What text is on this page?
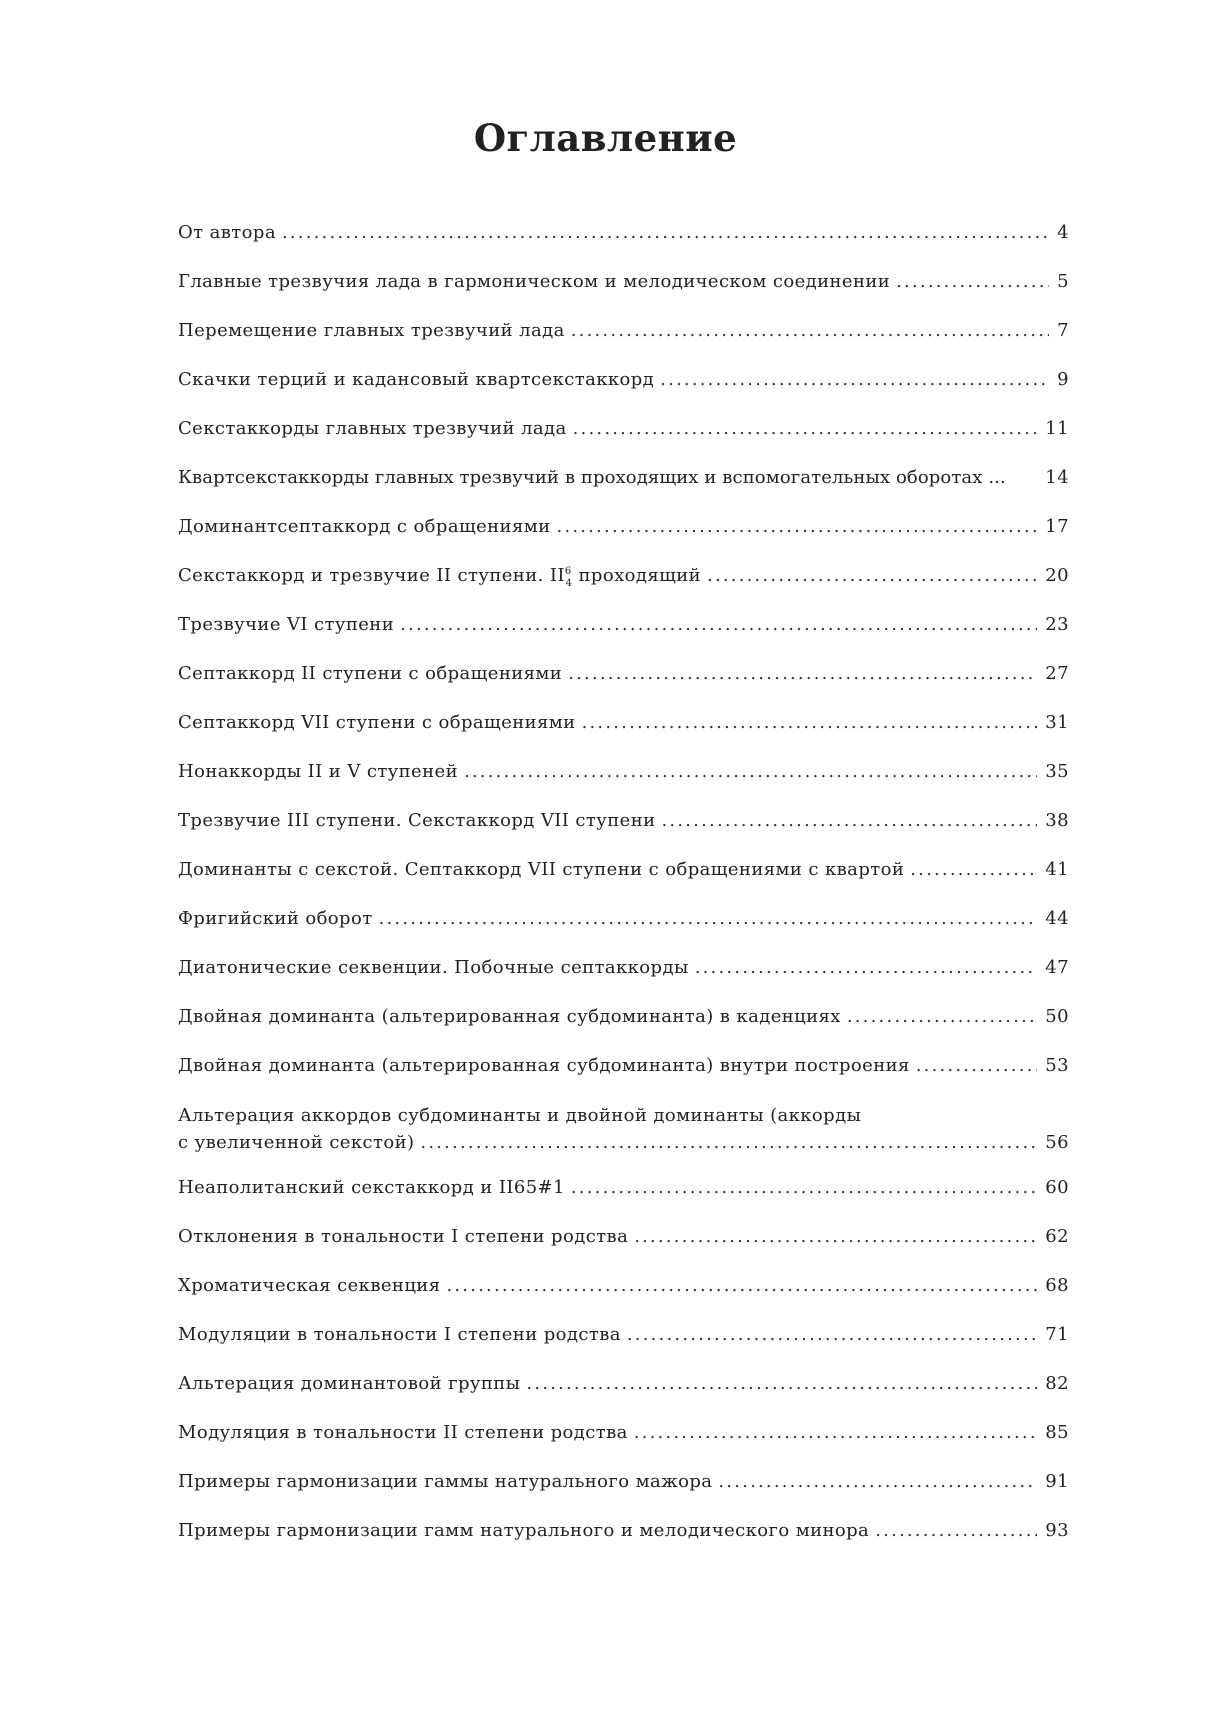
Оглавление
От автора .....	4
Главные трезвучия лада в гармоническом и мелодическом соединении .....	5
Перемещение главных трезвучий лада .....	7
Скачки терций и кадансовый квартсекстаккорд .....	9
Секстаккорды главных трезвучий лада .....	11
Квартсекстаккорды главных трезвучий в проходящих и вспомогательных оборотах ...	14
Доминантсептаккорд с обращениями .....	17
Секстаккорд и трезвучие II ступени. $II^6_4$ проходящий .....	20
Трезвучие VI ступени .....	23
Септаккорд II ступени с обращениями .....	27
Септаккорд VII ступени с обращениями .....	31
Нонаккорды II и V ступеней .....	35
Трезвучие III ступени. Секстаккорд VII ступени .....	38
Доминанты с секстой. Септаккорд VII ступени с обращениями с квартой .....	41
Фригийский оборот .....	44
Диатонические секвенции. Побочные септаккорды .....	47
Двойная доминанта (альтерированная субдоминанта) в каденциях .....	50
Двойная доминанта (альтерированная субдоминанта) внутри построения .....	53
Альтерация аккордов субдоминанты и двойной доминанты (аккорды
с увеличенной секстой) .....	56
Неаполитанский секстаккорд и II65#1 .....	60
Отклонения в тональности I степени родства .....	62
Хроматическая секвенция .....	68
Модуляции в тональности I степени родства .....	71
Альтерация доминантовой группы .....	82
Модуляция в тональности II степени родства .....	85
Примеры гармонизации гаммы натурального мажора .....	91
Примеры гармонизации гамм натурального и мелодического минора .....	93
